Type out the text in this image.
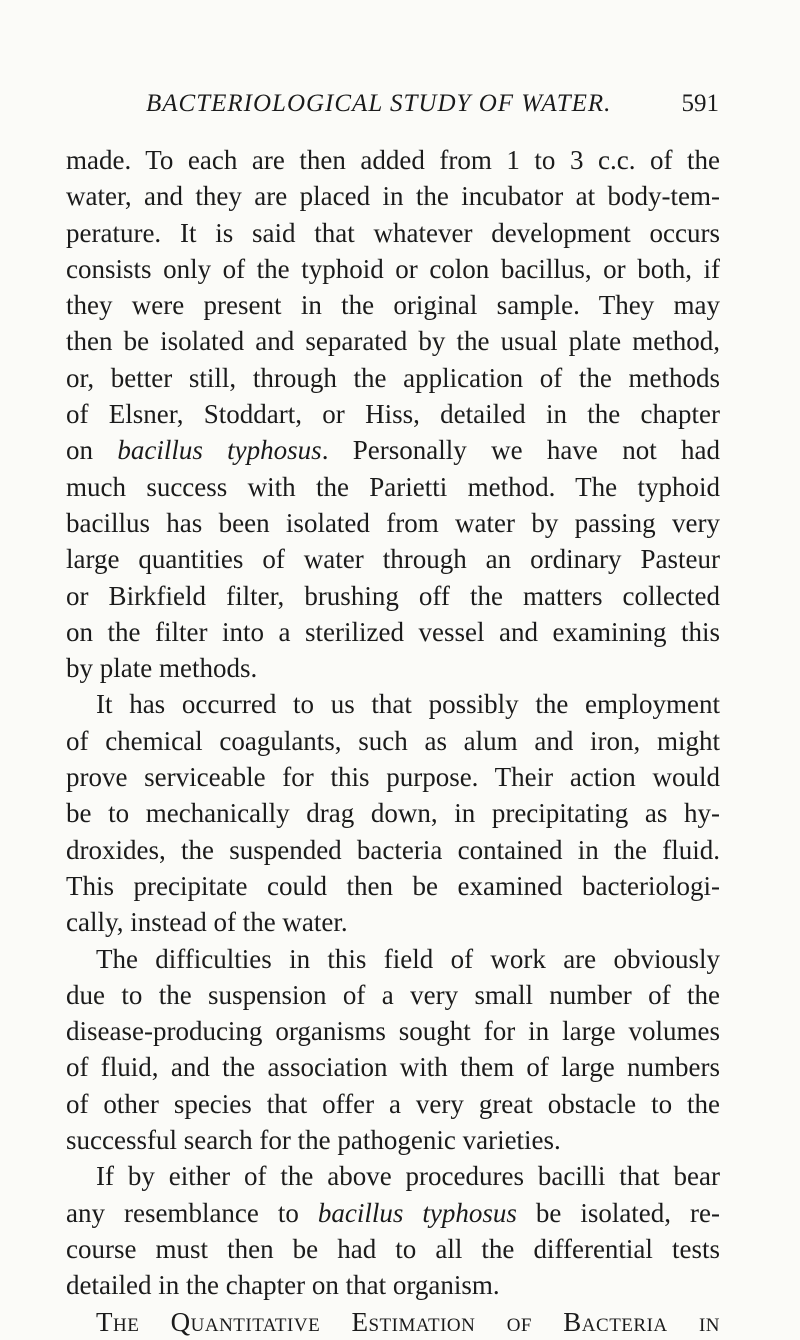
BACTERIOLOGICAL STUDY OF WATER.	591
made. To each are then added from 1 to 3 c.c. of the
water, and they are placed in the incubator at body-tem-
perature. It is said that whatever development occurs
consists only of the typhoid or colon bacillus, or both, if
they were present in the original sample. They may
then be isolated and separated by the usual plate method,
or, better still, through the application of the methods
of Elsner, Stoddart, or Hiss, detailed in the chapter
on bacillus typhosus. Personally we have not had
much success with the Parietti method. The typhoid
bacillus has been isolated from water by passing very
large quantities of water through an ordinary Pasteur
or Birkfield filter, brushing off the matters collected
on the filter into a sterilized vessel and examining this
by plate methods.
It has occurred to us that possibly the employment
of chemical coagulants, such as alum and iron, might
prove serviceable for this purpose. Their action would
be to mechanically drag down, in precipitating as hy-
droxides, the suspended bacteria contained in the fluid.
This precipitate could then be examined bacteriologi-
cally, instead of the water.
The difficulties in this field of work are obviously
due to the suspension of a very small number of the
disease-producing organisms sought for in large volumes
of fluid, and the association with them of large numbers
of other species that offer a very great obstacle to the
successful search for the pathogenic varieties.
If by either of the above procedures bacilli that bear
any resemblance to bacillus typhosus be isolated, re-
course must then be had to all the differential tests
detailed in the chapter on that organism.
The Quantitative Estimation of Bacteria in
